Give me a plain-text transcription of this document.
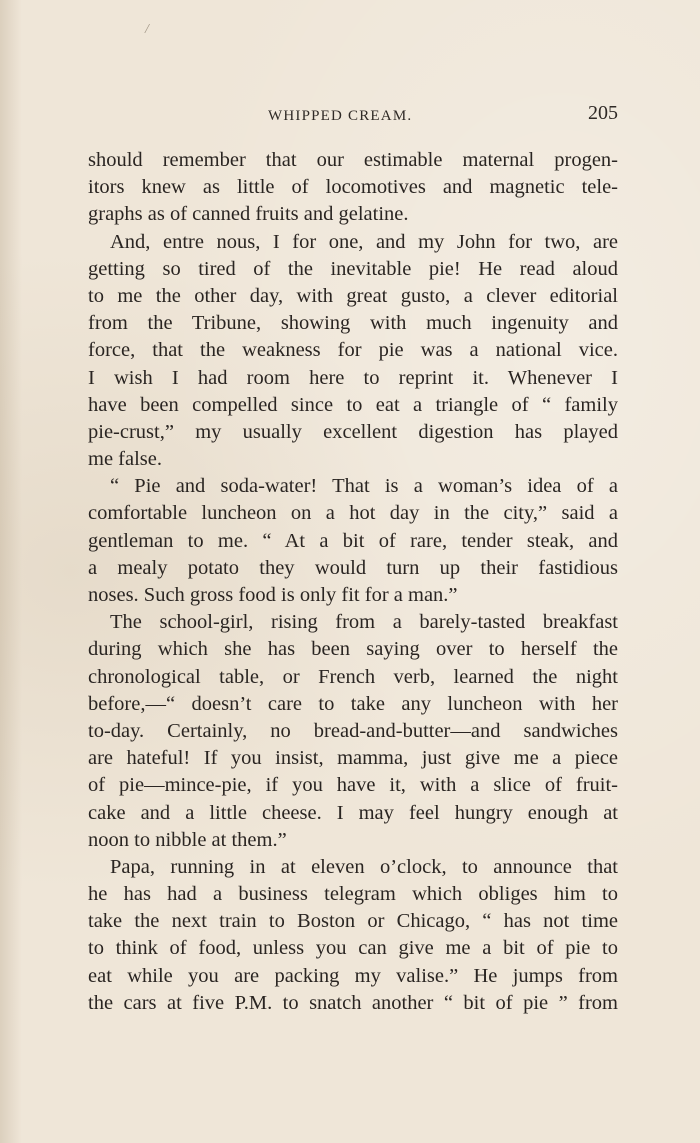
/
WHIPPED CREAM.	205
should remember that our estimable maternal progen-
itors knew as little of locomotives and magnetic tele-
graphs as of canned fruits and gelatine.
And, entre nous, I for one, and my John for two, are
getting so tired of the inevitable pie! He read aloud
to me the other day, with great gusto, a clever editorial
from the Tribune, showing with much ingenuity and
force, that the weakness for pie was a national vice.
I wish I had room here to reprint it. Whenever I
have been compelled since to eat a triangle of “ family
pie-crust,” my usually excellent digestion has played
me false.
“ Pie and soda-water! That is a woman’s idea of a
comfortable luncheon on a hot day in the city,” said a
gentleman to me. “ At a bit of rare, tender steak, and
a mealy potato they would turn up their fastidious
noses. Such gross food is only fit for a man.”
The school-girl, rising from a barely-tasted breakfast
during which she has been saying over to herself the
chronological table, or French verb, learned the night
before,—“ doesn’t care to take any luncheon with her
to-day. Certainly, no bread-and-butter—and sandwiches
are hateful! If you insist, mamma, just give me a piece
of pie—mince-pie, if you have it, with a slice of fruit-
cake and a little cheese. I may feel hungry enough at
noon to nibble at them.”
Papa, running in at eleven o’clock, to announce that
he has had a business telegram which obliges him to
take the next train to Boston or Chicago, “ has not time
to think of food, unless you can give me a bit of pie to
eat while you are packing my valise.” He jumps from
the cars at five P.M. to snatch another “ bit of pie ” from
